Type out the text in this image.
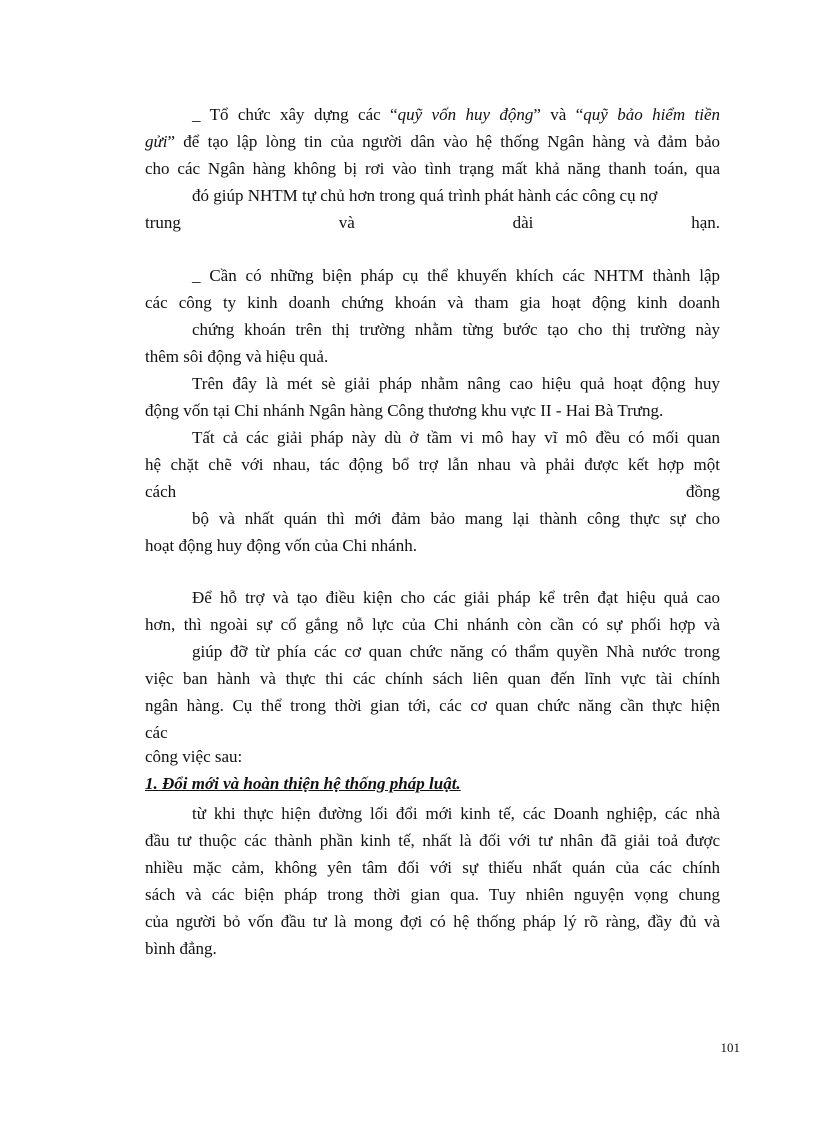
_ Tổ chức xây dựng các “quỹ vốn huy động” và “quỹ bảo hiểm tiền
gửi” để tạo lập lòng tin của người dân vào hệ thống Ngân hàng và đảm bảo
cho các Ngân hàng không bị rơi vào tình trạng mất khả năng thanh toán, qua
đó giúp NHTM tự chủ hơn trong quá trình phát hành các công cụ nợ
trung và dài hạn.
_ Cần có những biện pháp cụ thể khuyến khích các NHTM thành lập
các công ty kinh doanh chứng khoán và tham gia hoạt động kinh doanh
chứng khoán trên thị trường nhằm từng bước tạo cho thị trường này
thêm sôi động và hiệu quả.
Trên đây là mét sè giải pháp nhằm nâng cao hiệu quả hoạt động huy
động vốn tại Chi nhánh Ngân hàng Công thương khu vực II - Hai Bà Trưng.
Tất cả các giải pháp này dù ở tầm vi mô hay vĩ mô đều có mối quan
hệ chặt chẽ với nhau, tác động bổ trợ lẫn nhau và phải được kết hợp một
cách đồng
bộ và nhất quán thì mới đảm bảo mang lại thành công thực sự cho
hoạt động huy động vốn của Chi nhánh.
Để hỗ trợ và tạo điều kiện cho các giải pháp kể trên đạt hiệu quả cao
hơn, thì ngoài sự cố gắng nỗ lực của Chi nhánh còn cần có sự phối hợp và
giúp đỡ từ phía các cơ quan chức năng có thẩm quyền Nhà nước trong
việc ban hành và thực thi các chính sách liên quan đến lĩnh vực tài chính
ngân hàng. Cụ thể trong thời gian tới, các cơ quan chức năng cần thực hiện
các
công việc sau:
1. Đổi mới và hoàn thiện hệ thống pháp luật.
từ khi thực hiện đường lối đổi mới kinh tế, các Doanh nghiệp, các nhà
đầu tư thuộc các thành phần kinh tế, nhất là đối với tư nhân đã giải toả được
nhiều mặc cảm, không yên tâm đối với sự thiếu nhất quán của các chính
sách và các biện pháp trong thời gian qua. Tuy nhiên nguyện vọng chung
của người bỏ vốn đầu tư là mong đợi có hệ thống pháp lý rõ ràng, đầy đủ và
bình đẳng.
101
